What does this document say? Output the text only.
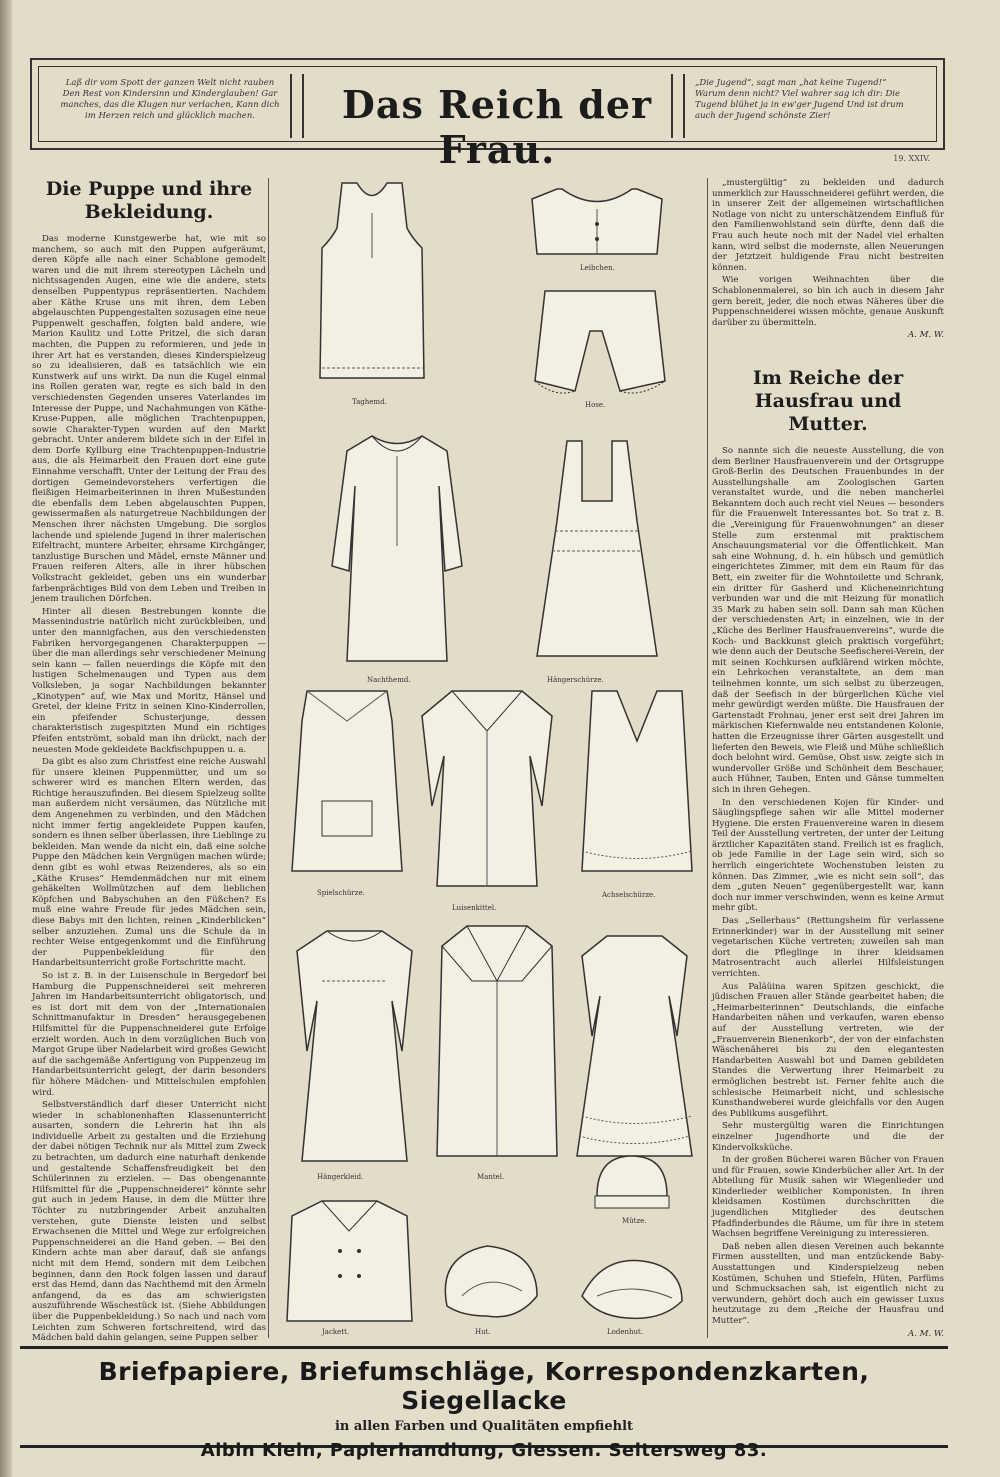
Laß dir vom Spott der ganzen Welt nicht rauben Den Rest von Kindersinn und Kinderglauben! Gar manches, das die Klugen nur verlachen, Kann dich im Herzen reich und glücklich machen.	Das Reich der Frau.
„Die Jugend“, sagt man „hat keine Tugend!“ Warum denn nicht? Viel wahrer sag ich dir: Die Tugend blühet ja in ew'ger Jugend Und ist drum auch der Jugend schönste Zier!
19. XXIV.
Die Puppe und ihre Bekleidung.

Das moderne Kunstgewerbe hat, wie mit so manchem, so auch mit den Puppen aufgeräumt, deren Köpfe alle nach einer Schablone gemodelt waren und die mit ihrem stereotypen Lächeln und nichtssagenden Augen, eine wie die andere, stets denselben Puppentypus repräsentierten. Nachdem aber Käthe Kruse uns mit ihren, dem Leben abgelauschten Puppengestalten sozusagen eine neue Puppenwelt geschaffen, folgten bald andere, wie Marion Kaulitz und Lotte Pritzel, die sich daran machten, die Puppen zu reformieren, und jede in ihrer Art hat es verstanden, dieses Kinderspielzeug so zu idealisieren, daß es tatsächlich wie ein Kunstwerk auf uns wirkt. Da nun die Kugel einmal ins Rollen geraten war, regte es sich bald in den verschiedensten Gegenden unseres Vaterlandes im Interesse der Puppe, und Nachahmungen von Käthe-Kruse-Puppen, alle möglichen Trachtenpuppen, sowie Charakter-Typen wurden auf den Markt gebracht. Unter anderem bildete sich in der Eifel in dem Dorfe Kyllburg eine Trachtenpuppen-Industrie aus, die als Heimarbeit den Frauen dort eine gute Einnahme verschafft. Unter der Leitung der Frau des dortigen Gemeindevorstehers verfertigen die fleißigen Heimarbeiterinnen in ihren Mußestunden die ebenfalls dem Leben abgelauschten Puppen, gewissermaßen als naturgetreue Nachbildungen der Menschen ihrer nächsten Umgebung. Die sorglos lachende und spielende Jugend in ihrer malerischen Eifeltracht, muntere Arbeiter, ehrsame Kirchgänger, tanzlustige Burschen und Mädel, ernste Männer und Frauen reiferen Alters, alle in ihrer hübschen Volkstracht gekleidet, geben uns ein wunderbar farbenprächtiges Bild von dem Leben und Treiben in jenem traulichen Dörfchen.

Hinter all diesen Bestrebungen konnte die Massenindustrie natürlich nicht zurückbleiben, und unter den mannigfachen, aus den verschiedensten Fabriken hervorgegangenen Charakterpuppen — über die man allerdings sehr verschiedener Meinung sein kann — fallen neuerdings die Köpfe mit den lustigen Schelmenaugen und Typen aus dem Volksleben, ja sogar Nachbildungen bekannter „Kinotypen“ auf, wie Max und Moritz, Hänsel und Gretel, der kleine Fritz in seinen Kino-Kinderrollen, ein pfeifender Schusterjunge, dessen charakteristisch zugespitzten Mund ein richtiges Pfeifen entströmt, sobald man ihn drückt, nach der neuesten Mode gekleidete Backfischpuppen u. a.

Da gibt es also zum Christfest eine reiche Auswahl für unsere kleinen Puppenmütter, und um so schwerer wird es manchen Eltern werden, das Richtige herauszufinden. Bei diesem Spielzeug sollte man außerdem nicht versäumen, das Nützliche mit dem Angenehmen zu verbinden, und den Mädchen nicht immer fertig angekleidete Puppen kaufen, sondern es ihnen selber überlassen, ihre Lieblinge zu bekleiden. Man wende da nicht ein, daß eine solche Puppe den Mädchen kein Vergnügen machen würde; denn gibt es wohl etwas Reizenderes, als so ein „Käthe Kruses“ Hemdenmädchen nur mit einem gehäkelten Wollmützchen auf dem lieblichen Köpfchen und Babyschuhen an den Füßchen? Es muß eine wahre Freude für jedes Mädchen sein, diese Babys mit den lichten, reinen „Kinderblicken“ selber anzuziehen. Zumal uns die Schule da in rechter Weise entgegenkommt und die Einführung der Puppenbekleidung für den Handarbeitsunterricht große Fortschritte macht.

So ist z. B. in der Luisenschule in Bergedorf bei Hamburg die Puppenschneiderei seit mehreren Jahren im Handarbeitsunterricht obligatorisch, und es ist dort mit dem von der „Internationalen Schnittmanufaktur in Dresden“ herausgegebenen Hilfsmittel für die Puppenschneiderei gute Erfolge erzielt worden. Auch in dem vorzüglichen Buch von Margot Grupe über Nadelarbeit wird großes Gewicht auf die sachgemäße Anfertigung von Puppenzeug im Handarbeitsunterricht gelegt, der darin besonders für höhere Mädchen- und Mittelschulen empfohlen wird.

Selbstverständlich darf dieser Unterricht nicht wieder in schablonenhaften Klassenunterricht ausarten, sondern die Lehrerin hat ihn als individuelle Arbeit zu gestalten und die Erziehung der dabei nötigen Technik nur als Mittel zum Zweck zu betrachten, um dadurch eine naturhaft denkende und gestaltende Schaffensfreudigkeit bei den Schülerinnen zu erzielen. — Das obengenannte Hilfsmittel für die „Puppenschneiderei“ könnte sehr gut auch in jedem Hause, in dem die Mütter ihre Töchter zu nutzbringender Arbeit anzuhalten verstehen, gute Dienste leisten und selbst Erwachsenen die Mittel und Wege zur erfolgreichen Puppenschneiderei an die Hand geben. — Bei den Kindern achte man aber darauf, daß sie anfangs nicht mit dem Hemd, sondern mit dem Leibchen beginnen, dann den Rock folgen lassen und darauf erst das Hemd, dann das Nachthemd mit den Ärmeln anfangend, da es das am schwierigsten auszuführende Wäschestück ist. (Siehe Abbildungen über die Puppenbekleidung.) So nach und nach vom Leichten zum Schweren fortschreitend, wird das Mädchen bald dahin gelangen, seine Puppen selber

Taghemd.
Leibchen.
Hose.
Nachthemd.	Hängerschürze.
Spielschürze.
Luisenkittel.
Achselschürze.
Hängerkleid.	Mantel.
Jackett.	Hut.
Mütze.
Lodenhut.

„mustergültig“ zu bekleiden und dadurch unmerklich zur Hausschneiderei geführt werden, die in unserer Zeit der allgemeinen wirtschaftlichen Notlage von nicht zu unterschätzendem Einfluß für den Familienwohlstand sein dürfte, denn daß die Frau auch heute noch mit der Nadel viel erhalten kann, wird selbst die modernste, allen Neuerungen der Jetztzeit huldigende Frau nicht bestreiten können.

Wie vorigen Weihnachten über die Schablonenmalerei, so bin ich auch in diesem Jahr gern bereit, jeder, die noch etwas Näheres über die Puppenschneiderei wissen möchte, genaue Auskunft darüber zu übermitteln.

A. M. W.
Im Reiche der Hausfrau und Mutter.

So nannte sich die neueste Ausstellung, die von dem Berliner Hausfrauenverein und der Ortsgruppe Groß-Berlin des Deutschen Frauenbundes in der Ausstellungshalle am Zoologischen Garten veranstaltet wurde, und die neben mancherlei Bekanntem doch auch recht viel Neues — besonders für die Frauenwelt Interessantes bot. So trat z. B. die „Vereinigung für Frauenwohnungen“ an dieser Stelle zum erstenmal mit praktischem Anschauungsmaterial vor die Öffentlichkeit. Man sah eine Wohnung, d. h. ein hübsch und gemütlich eingerichtetes Zimmer, mit dem ein Raum für das Bett, ein zweiter für die Wohntoilette und Schrank, ein dritter für Gasherd und Kücheneinrichtung verbunden war und die mit Heizung für monatlich 35 Mark zu haben sein soll. Dann sah man Küchen der verschiedensten Art; in einzelnen, wie in der „Küche des Berliner Hausfrauenvereins“, wurde die Koch- und Backkunst gleich praktisch vorgeführt; wie denn auch der Deutsche Seefischerei-Verein, der mit seinen Kochkursen aufklärend wirken möchte, ein Lehrkochen veranstaltete, an dem man teilnehmen konnte, um sich selbst zu überzeugen, daß der Seefisch in der bürgerlichen Küche viel mehr gewürdigt werden müßte. Die Hausfrauen der Gartenstadt Frohnau, jener erst seit drei Jahren im märkischen Kiefernwalde neu entstandenen Kolonie, hatten die Erzeugnisse ihrer Gärten ausgestellt und lieferten den Beweis, wie Fleiß und Mühe schließlich doch belohnt wird. Gemüse, Obst usw. zeigte sich in wundervoller Größe und Schönheit dem Beschauer, auch Hühner, Tauben, Enten und Gänse tummelten sich in ihren Gehegen.

In den verschiedenen Kojen für Kinder- und Säuglingspflege sahen wir alle Mittel moderner Hygiene. Die ersten Frauenvereine waren in diesem Teil der Ausstellung vertreten, der unter der Leitung ärztlicher Kapazitäten stand. Freilich ist es fraglich, ob jede Familie in der Lage sein wird, sich so herrlich eingerichtete Wochenstuben leisten zu können. Das Zimmer, „wie es nicht sein soll“, das dem „guten Neuen“ gegenübergestellt war, kann doch nur immer verschwinden, wenn es keine Armut mehr gibt.

Das „Sellerhaus“ (Rettungsheim für verlassene Erinnerkinder) war in der Ausstellung mit seiner vegetarischen Küche vertreten; zuweilen sah man dort die Pfleglinge in ihrer kleidsamen Matrosentracht auch allerlei Hilfsleistungen verrichten.

Aus Paläüina waren Spitzen geschickt, die jüdischen Frauen aller Stände gearbeitet haben; die „Heimarbeiterinnen“ Deutschlands, die einfache Handarbeiten nähen und verkaufen, waren ebenso auf der Ausstellung vertreten, wie der „Frauenverein Bienenkorb“, der von der einfachsten Wäschenäherei bis zu den elegantesten Handarbeiten Auswahl bot und Damen gebildeten Standes die Verwertung ihrer Heimarbeit zu ermöglichen bestrebt ist. Ferner fehlte auch die schlesische Heimarbeit nicht, und schlesische Kunsthandweberei wurde gleichfalls vor den Augen des Publikums ausgeführt.

Sehr mustergültig waren die Einrichtungen einzelner Jugendhorte und die der Kindervolksküche.

In der großen Bücherei waren Bücher von Frauen und für Frauen, sowie Kinderbücher aller Art. In der Abteilung für Musik sahen wir Wiegenlieder und Kinderlieder weiblicher Komponisten. In ihren kleidsamen Kostümen durchschritten die jugendlichen Mitglieder des deutschen Pfadfinderbundes die Räume, um für ihre in stetem Wachsen begriffene Vereinigung zu interessieren.

Daß neben allen diesen Vereinen auch bekannte Firmen ausstellten, und man entzückende Baby-Ausstattungen und Kinderspielzeug neben Kostümen, Schuhen und Stiefeln, Hüten, Parfüms und Schmucksachen sah, ist eigentlich nicht zu verwundern, gehört doch auch ein gewisser Luxus heutzutage zu dem „Reiche der Hausfrau und Mutter“.

A. M. W.
Briefpapiere, Briefumschläge, Korrespondenzkarten, Siegellacke
in allen Farben und Qualitäten empfiehlt
Albin Klein, Papierhandlung, Giessen. Seltersweg 83.
